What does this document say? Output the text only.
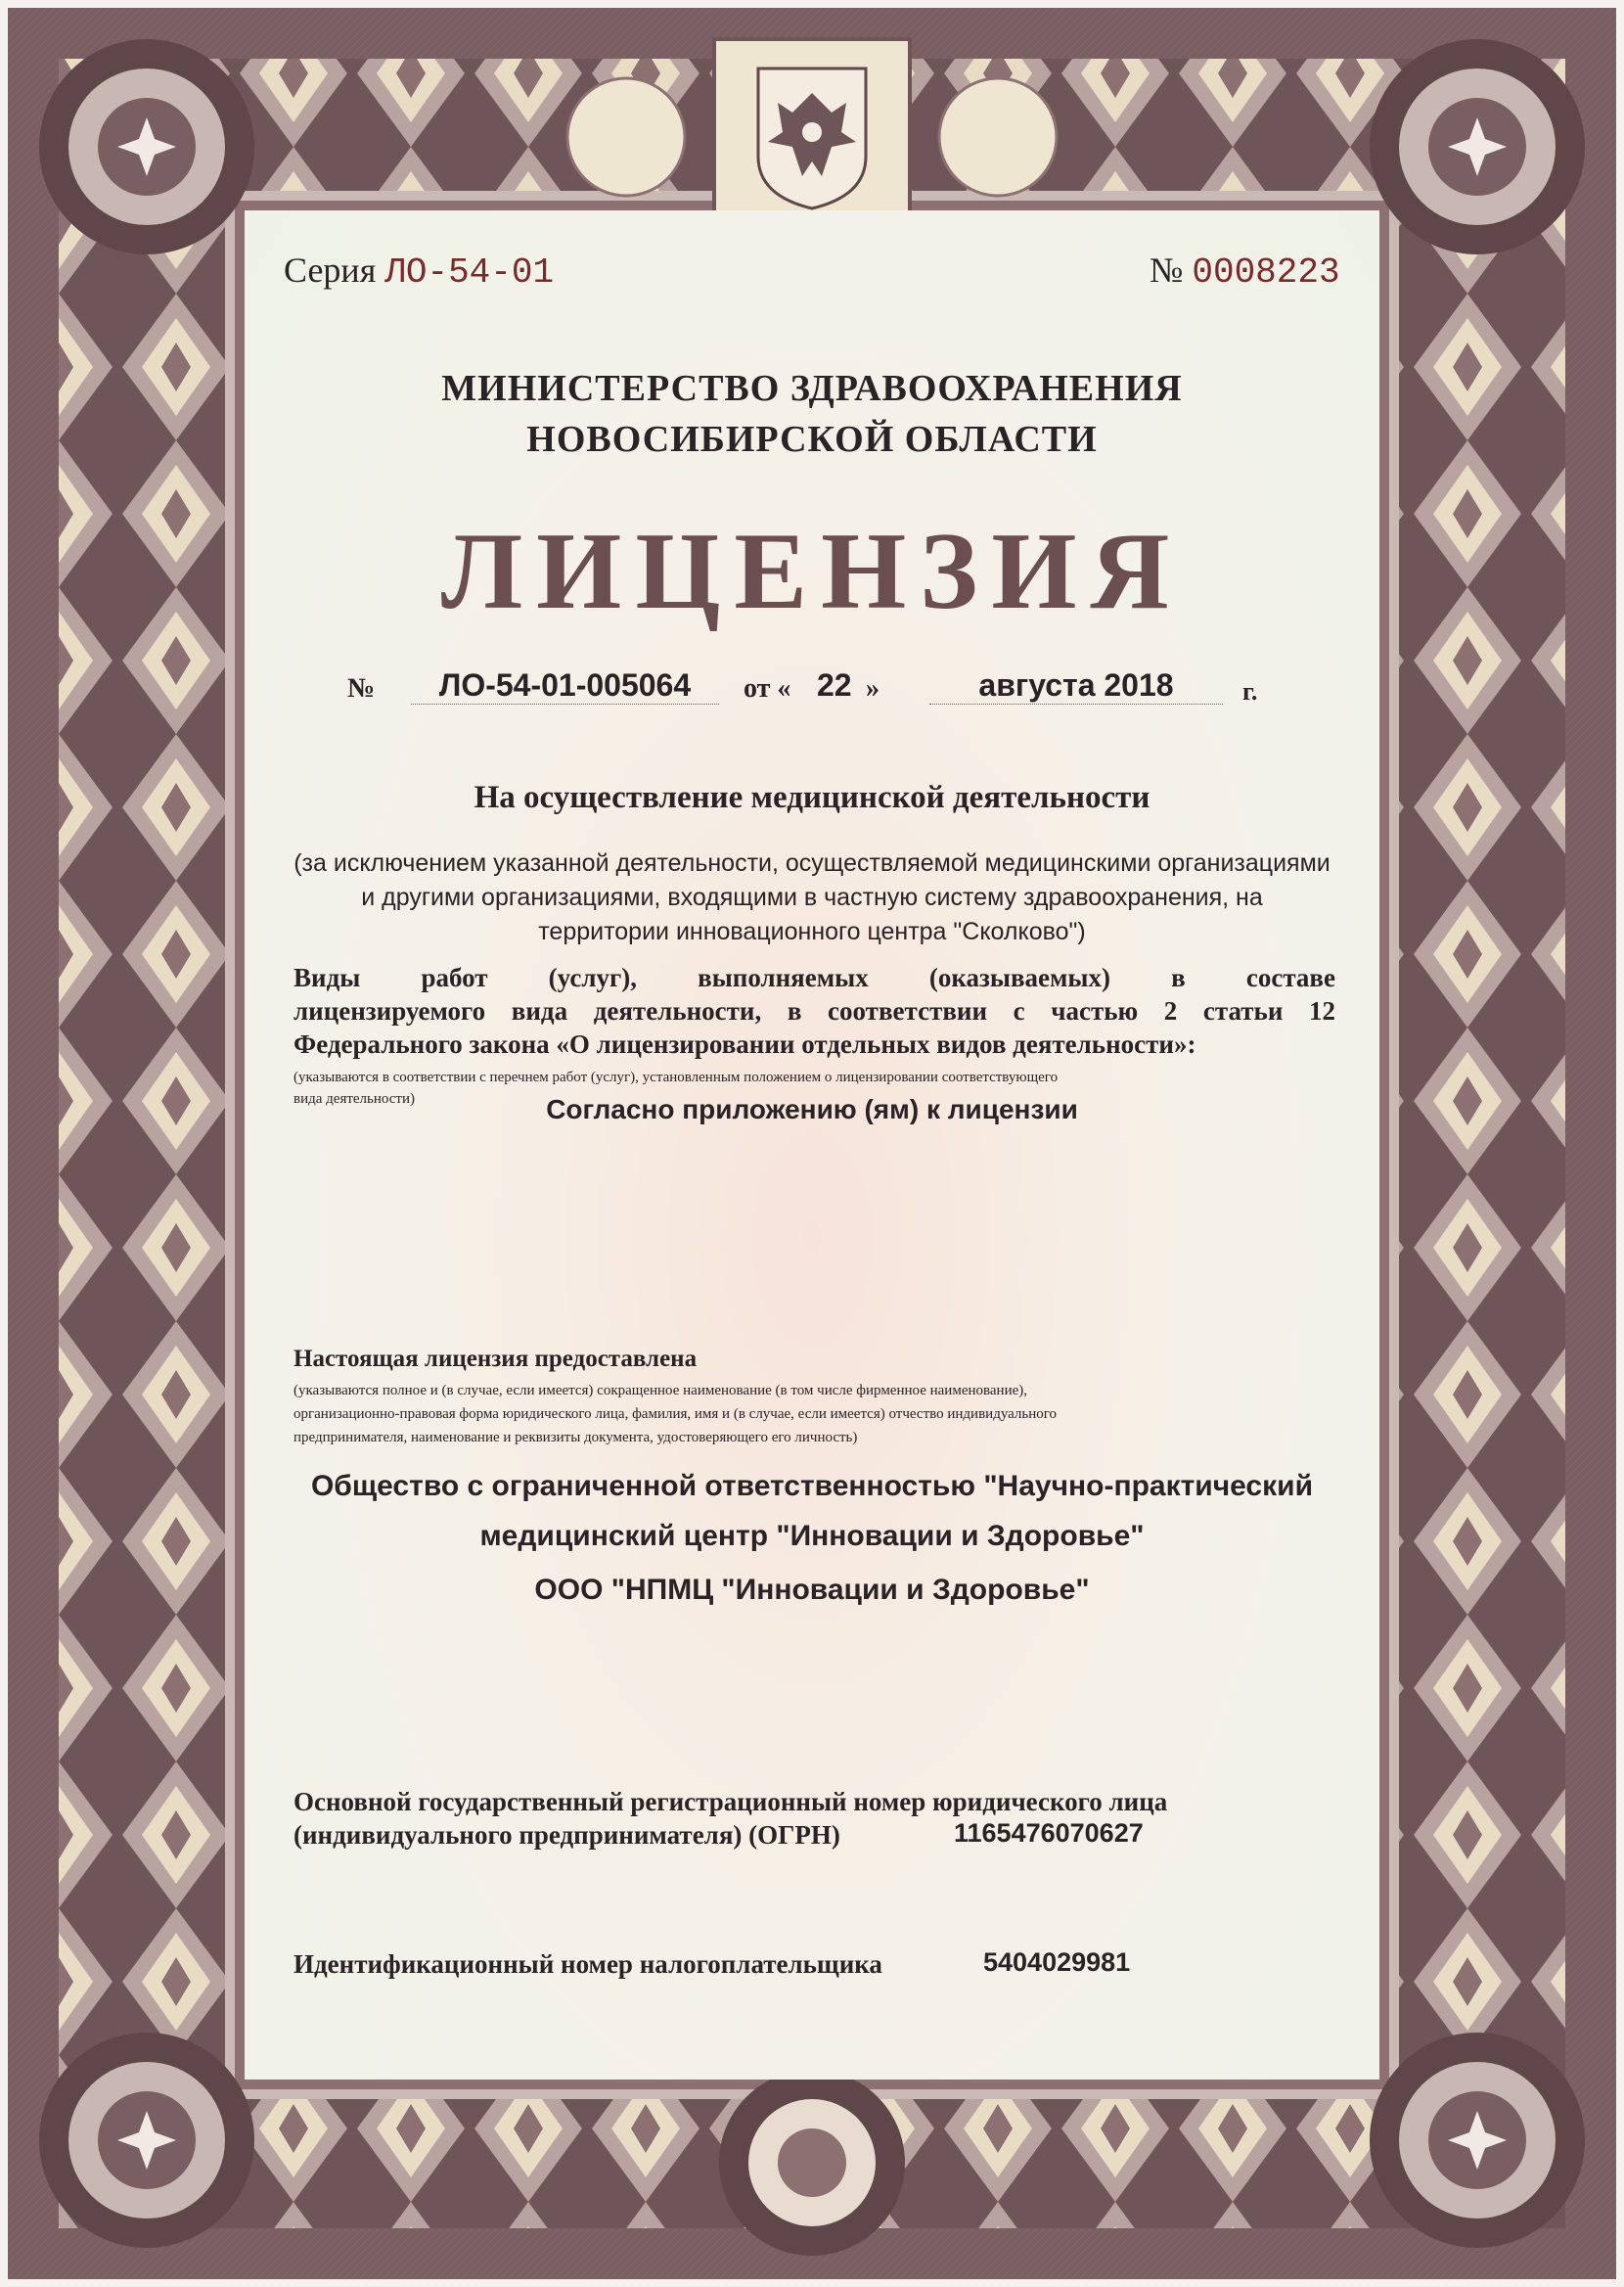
Серия ЛО-54-01	№ 0008223
МИНИСТЕРСТВО ЗДРАВООХРАНЕНИЯ
НОВОСИБИРСКОЙ ОБЛАСТИ
ЛИЦЕНЗИЯ
№	ЛО-54-01-005064	от « 22 »	августа 2018	г.
На осуществление медицинской деятельности
(за исключением указанной деятельности, осуществляемой медицинскими организациями
и другими организациями, входящими в частную систему здравоохранения, на
территории инновационного центра "Сколково")
Виды работ (услуг), выполняемых (оказываемых) в составе
лицензируемого вида деятельности, в соответствии с частью 2 статьи 12
Федерального закона «О лицензировании отдельных видов деятельности»:
(указываются в соответствии с перечнем работ (услуг), установленным положением о лицензировании соответствующего
вида деятельности)	Согласно приложению (ям) к лицензии
Настоящая лицензия предоставлена
(указываются полное и (в случае, если имеется) сокращенное наименование (в том числе фирменное наименование),
организационно-правовая форма юридического лица, фамилия, имя и (в случае, если имеется) отчество индивидуального
предпринимателя, наименование и реквизиты документа, удостоверяющего его личность)
Общество с ограниченной ответственностью "Научно-практический
медицинский центр "Инновации и Здоровье"
ООО "НПМЦ "Инновации и Здоровье"
Основной государственный регистрационный номер юридического лица
(индивидуального предпринимателя) (ОГРН)	1165476070627
Идентификационный номер налогоплательщика	5404029981
